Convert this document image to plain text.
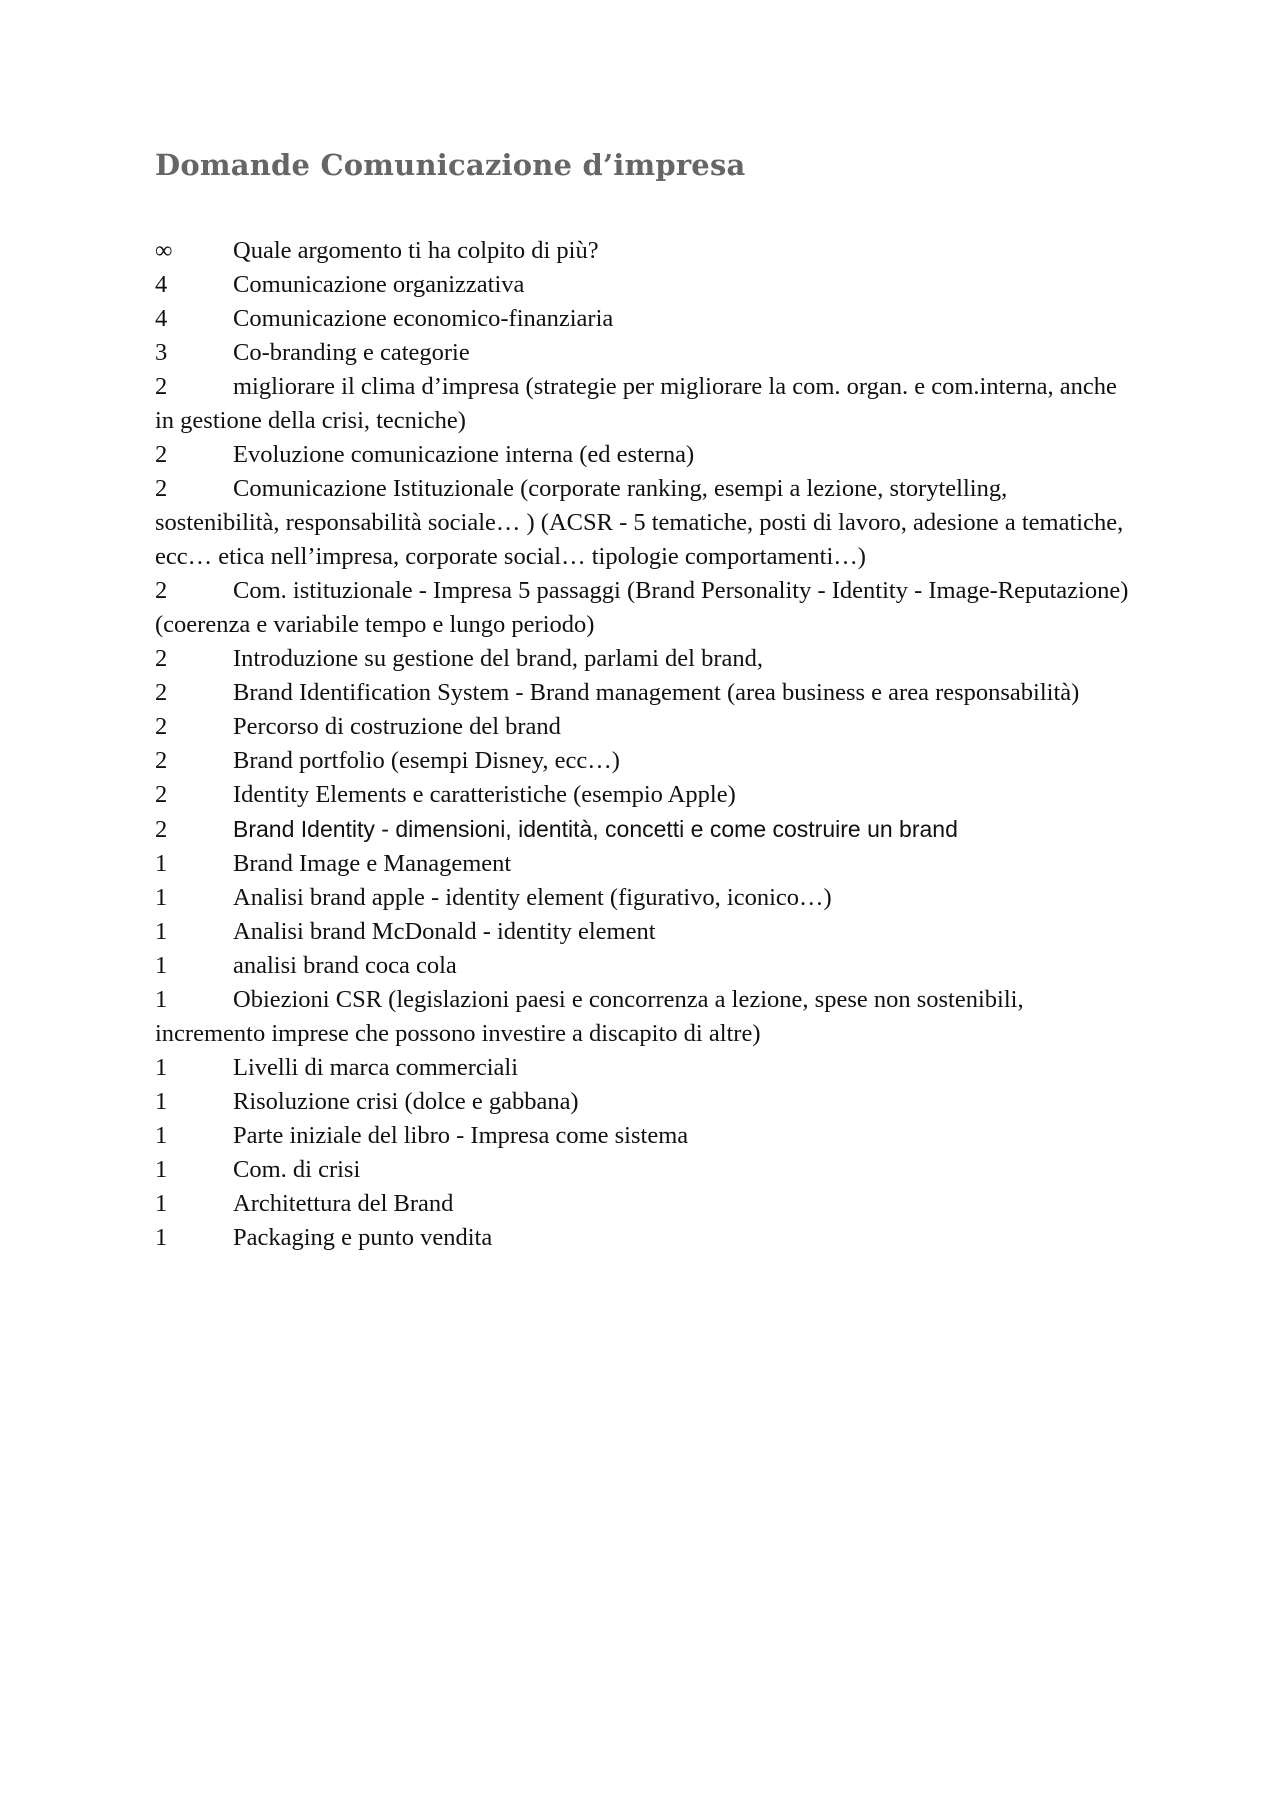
Domande Comunicazione d’impresa
∞ Quale argomento ti ha colpito di più?
4	Comunicazione organizzativa
4	Comunicazione economico-finanziaria
3	Co-branding e categorie
2	migliorare il clima d’impresa (strategie per migliorare la com. organ. e com.interna, anche in gestione della crisi, tecniche)
2	Evoluzione comunicazione interna (ed esterna)
2	Comunicazione Istituzionale (corporate ranking, esempi a lezione, storytelling, sostenibilità, responsabilità sociale… ) (ACSR - 5 tematiche, posti di lavoro, adesione a tematiche, ecc… etica nell’impresa, corporate social… tipologie comportamenti…)
2	Com. istituzionale - Impresa 5 passaggi (Brand Personality - Identity - Image-Reputazione) (coerenza e variabile tempo e lungo periodo)
2	Introduzione su gestione del brand, parlami del brand,
2	Brand Identification System - Brand management (area business e area responsabilità)
2	Percorso di costruzione del brand
2	Brand portfolio (esempi Disney, ecc…)
2	Identity Elements e caratteristiche (esempio Apple)
2	Brand Identity - dimensioni, identità, concetti e come costruire un brand
1	Brand Image e Management
1	Analisi brand apple - identity element (figurativo, iconico…)
1	Analisi brand McDonald - identity element
1	analisi brand coca cola
1	Obiezioni CSR (legislazioni paesi e concorrenza a lezione, spese non sostenibili, incremento imprese che possono investire a discapito di altre)
1	Livelli di marca commerciali
1	Risoluzione crisi (dolce e gabbana)
1	Parte iniziale del libro - Impresa come sistema
1	Com. di crisi
1	Architettura del Brand
1	Packaging e punto vendita
